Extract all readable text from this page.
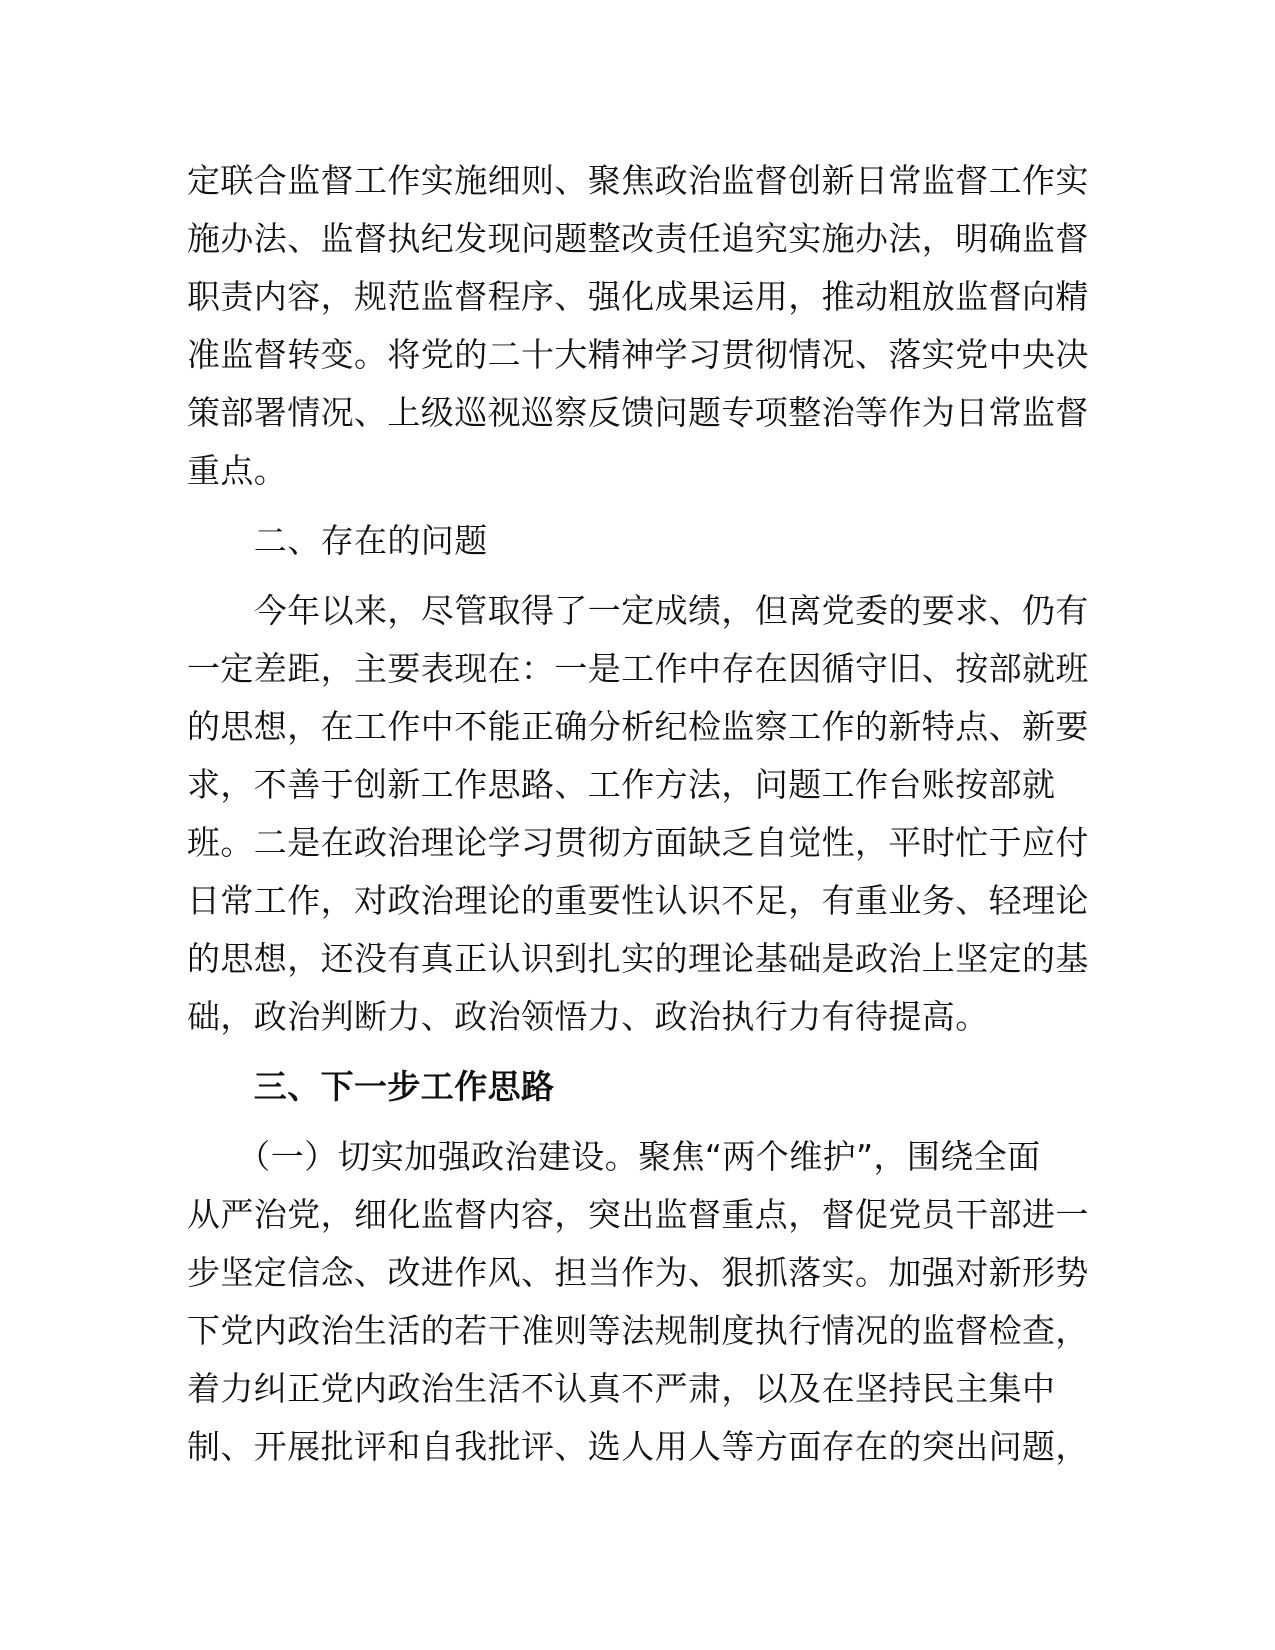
定联合监督工作实施细则、聚焦政治监督创新日常监督工作实
施办法、监督执纪发现问题整改责任追究实施办法，明确监督
职责内容，规范监督程序、强化成果运用，推动粗放监督向精
准监督转变。将党的二十大精神学习贯彻情况、落实党中央决
策部署情况、上级巡视巡察反馈问题专项整治等作为日常监督
重点。
　　二、存在的问题
　　今年以来，尽管取得了一定成绩，但离党委的要求、仍有
一定差距，主要表现在：一是工作中存在因循守旧、按部就班
的思想，在工作中不能正确分析纪检监察工作的新特点、新要
求，不善于创新工作思路、工作方法，问题工作台账按部就
班。二是在政治理论学习贯彻方面缺乏自觉性，平时忙于应付
日常工作，对政治理论的重要性认识不足，有重业务、轻理论
的思想，还没有真正认识到扎实的理论基础是政治上坚定的基
础，政治判断力、政治领悟力、政治执行力有待提高。
　　三、下一步工作思路
　　（一）切实加强政治建设。聚焦“两个维护”，围绕全面
从严治党，细化监督内容，突出监督重点，督促党员干部进一
步坚定信念、改进作风、担当作为、狠抓落实。加强对新形势
下党内政治生活的若干准则等法规制度执行情况的监督检查，
着力纠正党内政治生活不认真不严肃，以及在坚持民主集中
制、开展批评和自我批评、选人用人等方面存在的突出问题，
